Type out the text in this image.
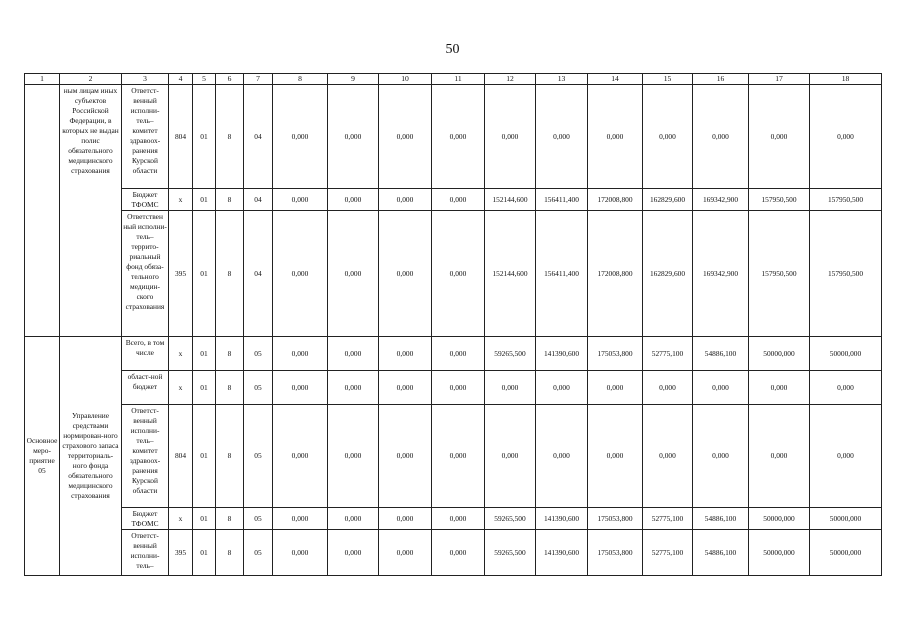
50
1	2	3	4	5	6	7	8	9	10	11	12	13	14	15	16	17	18
	ным лицам иных субъектов Российской Федерации, в которых не выдан полис обязательного медицинского страхования	Ответст-венный исполни-тель– комитет здравоох-ранения Курской области	804	01	8	04	0,000	0,000	0,000	0,000	0,000	0,000	0,000	0,000	0,000	0,000	0,000
		Бюджет ТФОМС	х	01	8	04	0,000	0,000	0,000	0,000	152144,600	156411,400	172008,800	162829,600	169342,900	157950,500	157950,500
		Ответствен ный исполни-тель– террито-риальный фонд обяза-тельного медицин-ского страхования	395	01	8	04	0,000	0,000	0,000	0,000	152144,600	156411,400	172008,800	162829,600	169342,900	157950,500	157950,500
Основное меро-приятие 05	Управление средствами нормирован-ного страхового запаса территориаль-ного фонда обязательного медицинского страхования	Всего, в том числе	х	01	8	05	0,000	0,000	0,000	0,000	59265,500	141390,600	175053,800	52775,100	54886,100	50000,000	50000,000
		област-ной бюджет	х	01	8	05	0,000	0,000	0,000	0,000	0,000	0,000	0,000	0,000	0,000	0,000	0,000
		Ответст-венный исполни-тель– комитет здравоох-ранения Курской области	804	01	8	05	0,000	0,000	0,000	0,000	0,000	0,000	0,000	0,000	0,000	0,000	0,000
		Бюджет ТФОМС	х	01	8	05	0,000	0,000	0,000	0,000	59265,500	141390,600	175053,800	52775,100	54886,100	50000,000	50000,000
		Ответст-венный исполни-тель–	395	01	8	05	0,000	0,000	0,000	0,000	59265,500	141390,600	175053,800	52775,100	54886,100	50000,000	50000,000
